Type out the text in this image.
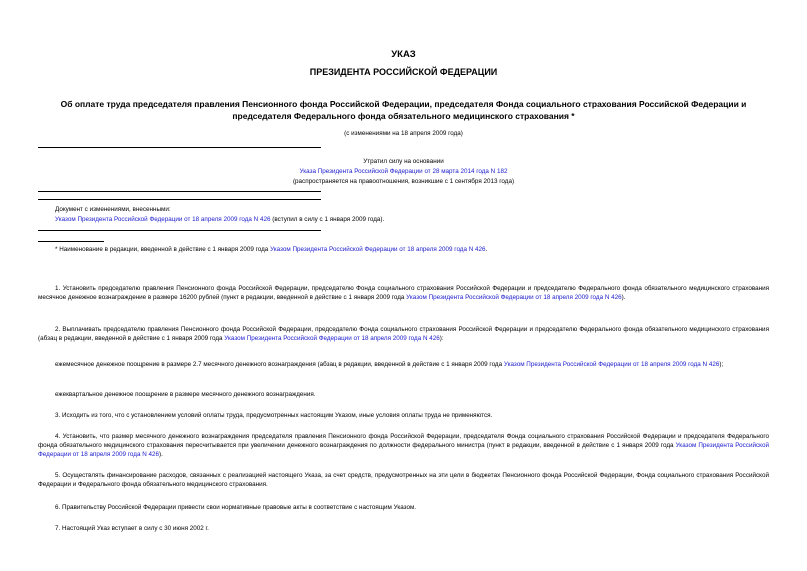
УКАЗ
ПРЕЗИДЕНТА РОССИЙСКОЙ ФЕДЕРАЦИИ
Об оплате труда председателя правления Пенсионного фонда Российской Федерации, председателя Фонда социального страхования Российской Федерации и председателя Федерального фонда обязательного медицинского страхования *
(с изменениями на 18 апреля 2009 года)
Утратил силу на основании
Указа Президента Российской Федерации от 28 марта 2014 года N 182
(распространяется на правоотношения, возникшие с 1 сентября 2013 года)
Документ с изменениями, внесенными:
Указом Президента Российской Федерации от 18 апреля 2009 года N 426 (вступил в силу с 1 января 2009 года).
* Наименование в редакции, введенной в действие с 1 января 2009 года Указом Президента Российской Федерации от 18 апреля 2009 года N 426.
1. Установить председателю правления Пенсионного фонда Российской Федерации, председателю Фонда социального страхования Российской Федерации и председателю Федерального фонда обязательного медицинского страхования месячное денежное вознаграждение в размере 16200 рублей (пункт в редакции, введенной в действие с 1 января 2009 года Указом Президента Российской Федерации от 18 апреля 2009 года N 426).
2. Выплачивать председателю правления Пенсионного фонда Российской Федерации, председателю Фонда социального страхования Российской Федерации и председателю Федерального фонда обязательного медицинского страхования (абзац в редакции, введенной в действие с 1 января 2009 года Указом Президента Российской Федерации от 18 апреля 2009 года N 426):
ежемесячное денежное поощрение в размере 2.7 месячного денежного вознаграждения (абзац в редакции, введенной в действие с 1 января 2009 года Указом Президента Российской Федерации от 18 апреля 2009 года N 426);
ежеквартальное денежное поощрение в размере месячного денежного вознаграждения.
3. Исходить из того, что с установлением условий оплаты труда, предусмотренных настоящим Указом, иные условия оплаты труда не применяются.
4. Установить, что размер месячного денежного вознаграждения председателя правления Пенсионного фонда Российской Федерации, председателя Фонда социального страхования Российской Федерации и председателя Федерального фонда обязательного медицинского страхования пересчитывается при увеличении денежного вознаграждения по должности федерального министра (пункт в редакции, введенной в действие с 1 января 2009 года Указом Президента Российской Федерации от 18 апреля 2009 года N 426).
5. Осуществлять финансирование расходов, связанных с реализацией настоящего Указа, за счет средств, предусмотренных на эти цели в бюджетах Пенсионного фонда Российской Федерации, Фонда социального страхования Российской Федерации и Федерального фонда обязательного медицинского страхования.
6. Правительству Российской Федерации привести свои нормативные правовые акты в соответствие с настоящим Указом.
7. Настоящий Указ вступает в силу с 30 июня 2002 г.
